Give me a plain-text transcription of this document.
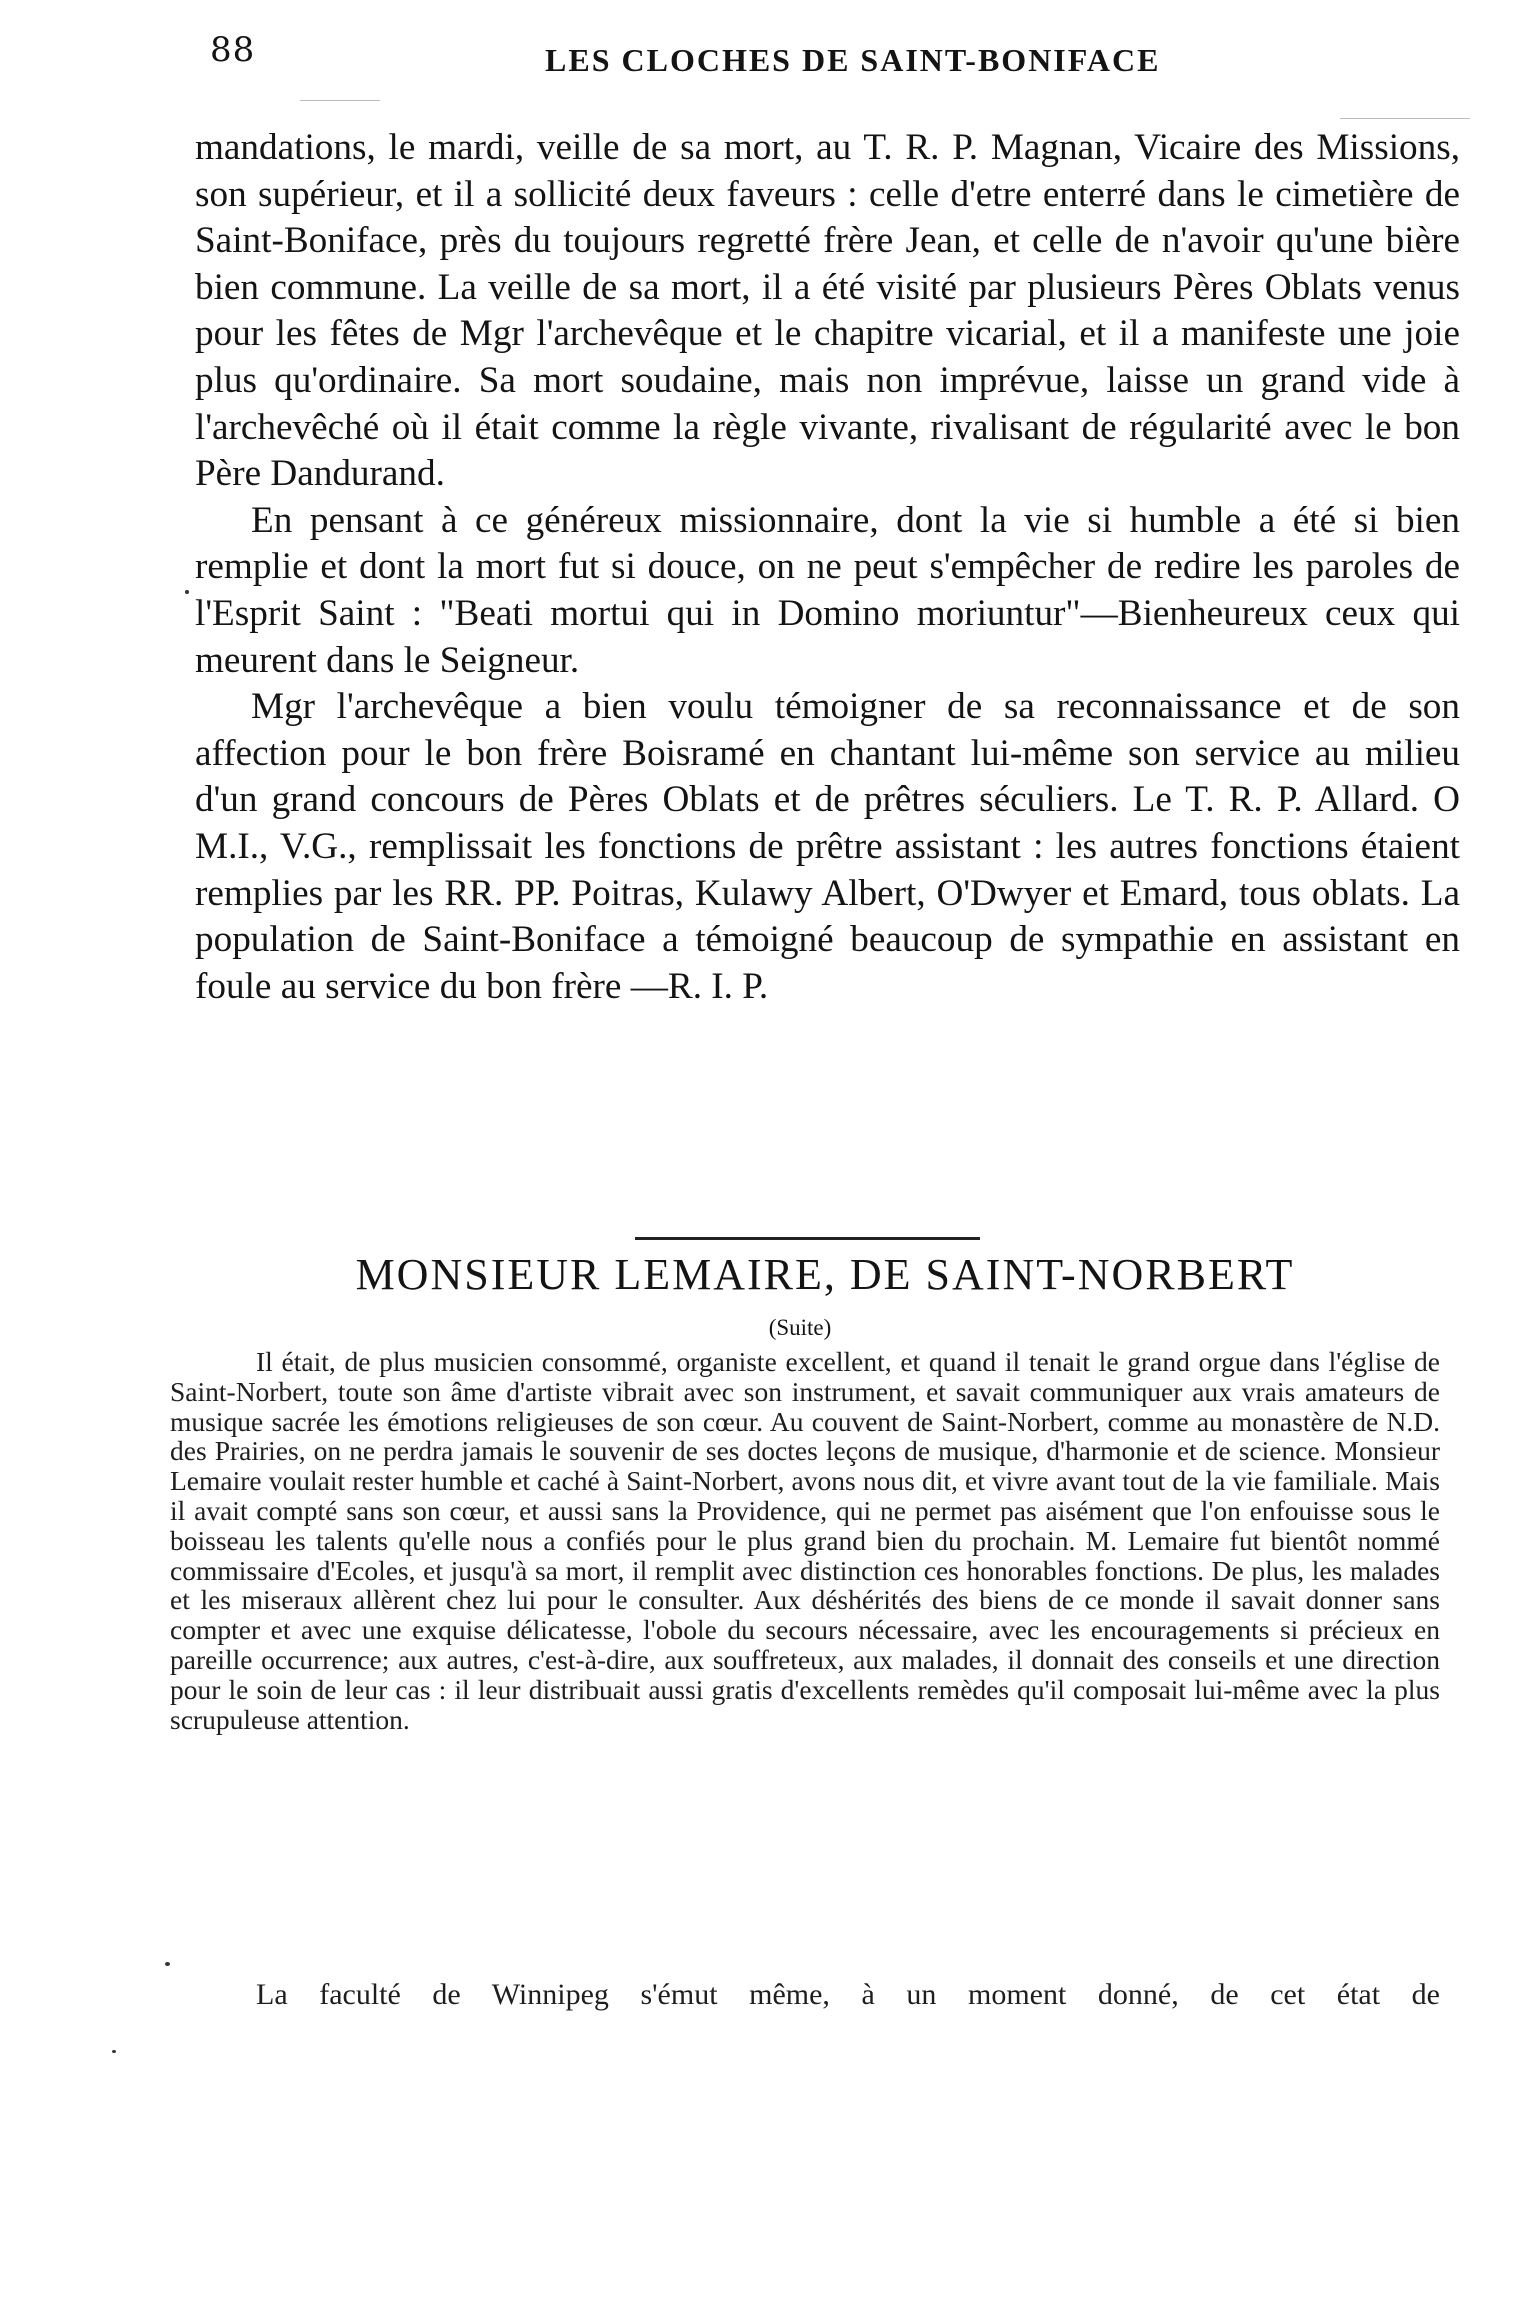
88	LES CLOCHES DE SAINT-BONIFACE

mandations, le mardi, veille de sa mort, au T. R. P. Magnan, Vicaire des Missions, son supérieur, et il a sollicité deux faveurs : celle d'etre enterré dans le cimetière de Saint-Boniface, près du toujours regretté frère Jean, et celle de n'avoir qu'une bière bien commune. La veille de sa mort, il a été visité par plusieurs Pères Oblats venus pour les fêtes de Mgr l'archevêque et le chapitre vicarial, et il a manifeste une joie plus qu'ordinaire. Sa mort soudaine, mais non imprévue, laisse un grand vide à l'archevêché où il était comme la règle vivante, rivalisant de régularité avec le bon Père Dandurand.

En pensant à ce généreux missionnaire, dont la vie si humble a été si bien remplie et dont la mort fut si douce, on ne peut s'empêcher de redire les paroles de l'Esprit Saint : "Beati mortui qui in Domino moriuntur"—Bienheureux ceux qui meurent dans le Seigneur.

Mgr l'archevêque a bien voulu témoigner de sa reconnaissance et de son affection pour le bon frère Boisramé en chantant lui-même son service au milieu d'un grand concours de Pères Oblats et de prêtres séculiers. Le T. R. P. Allard. O M.I., V.G., remplissait les fonctions de prêtre assistant : les autres fonctions étaient remplies par les RR. PP. Poitras, Kulawy Albert, O'Dwyer et Emard, tous oblats. La population de Saint-Boniface a témoigné beaucoup de sympathie en assistant en foule au service du bon frère —R. I. P.

MONSIEUR LEMAIRE, DE SAINT-NORBERT
(Suite)

Il était, de plus musicien consommé, organiste excellent, et quand il tenait le grand orgue dans l'église de Saint-Norbert, toute son âme d'artiste vibrait avec son instrument, et savait communiquer aux vrais amateurs de musique sacrée les émotions religieuses de son cœur. Au couvent de Saint-Norbert, comme au monastère de N.D. des Prairies, on ne perdra jamais le souvenir de ses doctes leçons de musique, d'harmonie et de science. Monsieur Lemaire voulait rester humble et caché à Saint-Norbert, avons nous dit, et vivre avant tout de la vie familiale. Mais il avait compté sans son cœur, et aussi sans la Providence, qui ne permet pas aisément que l'on enfouisse sous le boisseau les talents qu'elle nous a confiés pour le plus grand bien du prochain. M. Lemaire fut bientôt nommé commissaire d'Ecoles, et jusqu'à sa mort, il remplit avec distinction ces honorables fonctions. De plus, les malades et les miseraux allèrent chez lui pour le consulter. Aux déshérités des biens de ce monde il savait donner sans compter et avec une exquise délicatesse, l'obole du secours nécessaire, avec les encouragements si précieux en pareille occurrence; aux autres, c'est-à-dire, aux souffreteux, aux malades, il donnait des conseils et une direction pour le soin de leur cas : il leur distribuait aussi gratis d'excellents remèdes qu'il composait lui-même avec la plus scrupuleuse attention.

La faculté de Winnipeg s'émut même, à un moment donné, de cet état de
